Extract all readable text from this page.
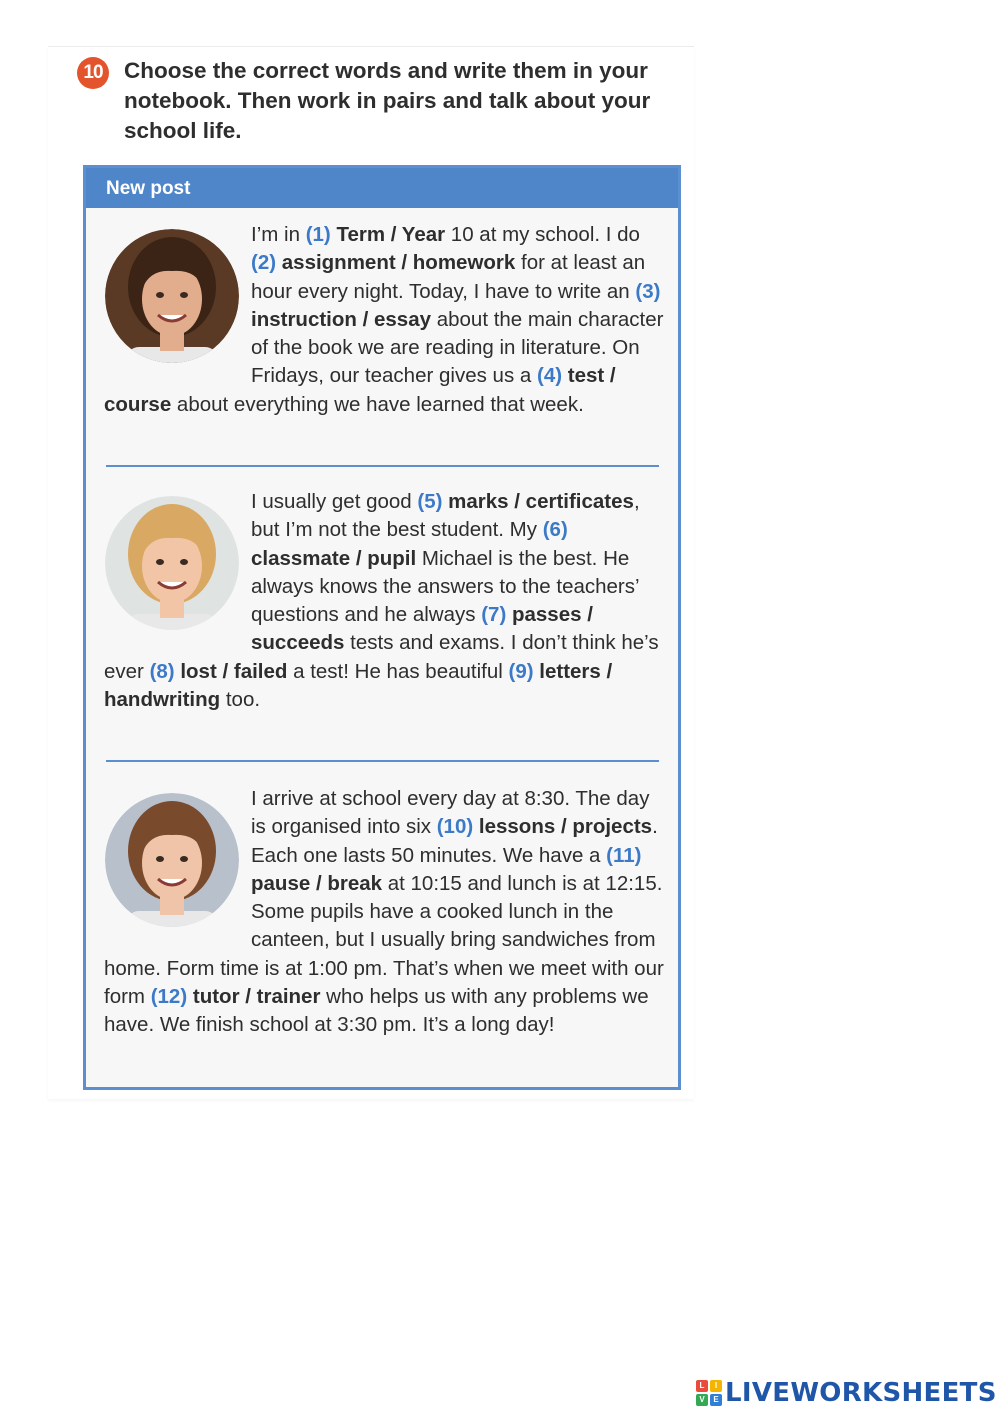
10 Choose the correct words and write them in your notebook. Then work in pairs and talk about your school life.
New post

I’m in (1) Term / Year 10 at my school. I do (2) assignment / homework for at least an hour every night. Today, I have to write an (3) instruction / essay about the main character of the book we are reading in literature. On Fridays, our teacher gives us a (4) test / course about everything we have learned that week.

I usually get good (5) marks / certificates, but I’m not the best student. My (6) classmate / pupil Michael is the best. He always knows the answers to the teachers’ questions and he always (7) passes / succeeds tests and exams. I don’t think he’s ever (8) lost / failed a test! He has beautiful (9) letters / handwriting too.

I arrive at school every day at 8:30. The day is organised into six (10) lessons / projects. Each one lasts 50 minutes. We have a (11) pause / break at 10:15 and lunch is at 12:15. Some pupils have a cooked lunch in the canteen, but I usually bring sandwiches from home. Form time is at 1:00 pm. That’s when we meet with our form (12) tutor / trainer who helps us with any problems we have. We finish school at 3:30 pm. It’s a long day!

L	I
V	E LIVEWORKSHEETS
